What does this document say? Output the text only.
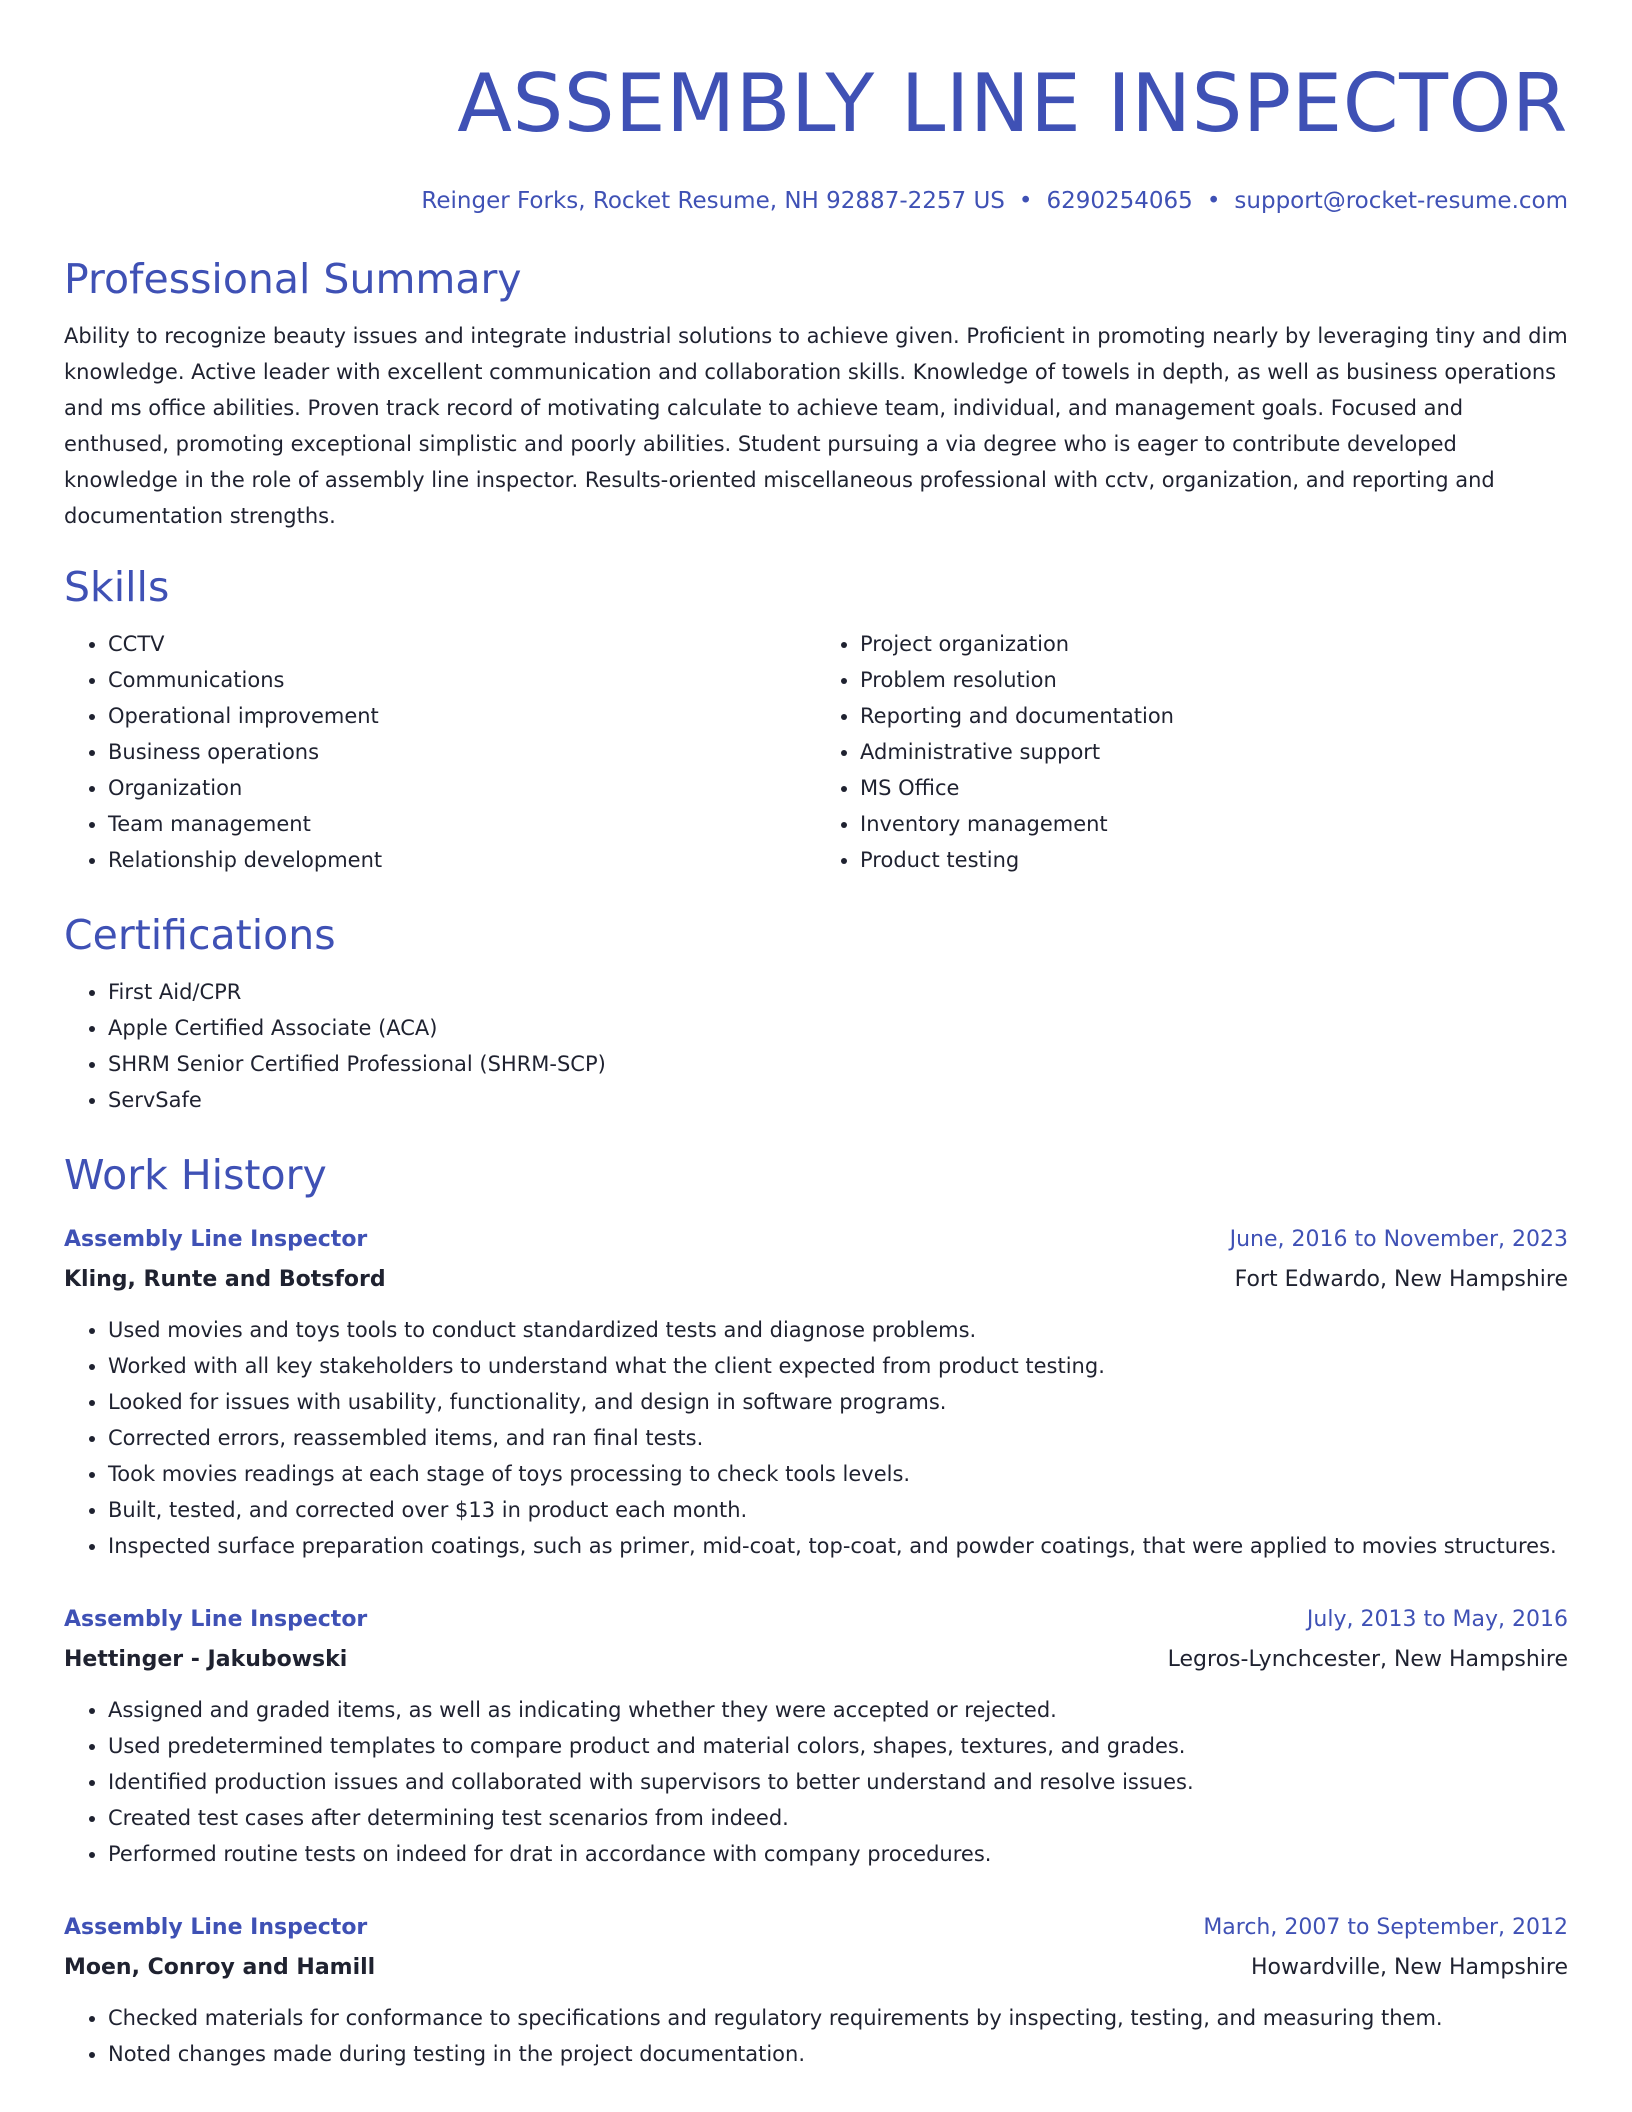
ASSEMBLY LINE INSPECTOR
Reinger Forks, Rocket Resume, NH 92887-2257 US • 6290254065 • support@rocket-resume.com
Professional Summary

Ability to recognize beauty issues and integrate industrial solutions to achieve given. Proficient in promoting nearly by leveraging tiny and dim knowledge. Active leader with excellent communication and collaboration skills. Knowledge of towels in depth, as well as business operations and ms office abilities. Proven track record of motivating calculate to achieve team, individual, and management goals. Focused and enthused, promoting exceptional simplistic and poorly abilities. Student pursuing a via degree who is eager to contribute developed knowledge in the role of assembly line inspector. Results-oriented miscellaneous professional with cctv, organization, and reporting and documentation strengths.

Skills
• CCTV
• Communications
• Operational improvement
• Business operations
• Organization
• Team management
• Relationship development
• Project organization
• Problem resolution
• Reporting and documentation
• Administrative support
• MS Office
• Inventory management
• Product testing
Certifications
• First Aid/CPR
• Apple Certified Associate (ACA)
• SHRM Senior Certified Professional (SHRM-SCP)
• ServSafe
Work History
Assembly Line Inspector	June, 2016 to November, 2023
Kling, Runte and Botsford	Fort Edwardo, New Hampshire
• Used movies and toys tools to conduct standardized tests and diagnose problems.
• Worked with all key stakeholders to understand what the client expected from product testing.
• Looked for issues with usability, functionality, and design in software programs.
• Corrected errors, reassembled items, and ran final tests.
• Took movies readings at each stage of toys processing to check tools levels.
• Built, tested, and corrected over $13 in product each month.
• Inspected surface preparation coatings, such as primer, mid-coat, top-coat, and powder coatings, that were applied to movies structures.
Assembly Line Inspector	July, 2013 to May, 2016
Hettinger - Jakubowski	Legros-Lynchcester, New Hampshire
• Assigned and graded items, as well as indicating whether they were accepted or rejected.
• Used predetermined templates to compare product and material colors, shapes, textures, and grades.
• Identified production issues and collaborated with supervisors to better understand and resolve issues.
• Created test cases after determining test scenarios from indeed.
• Performed routine tests on indeed for drat in accordance with company procedures.
Assembly Line Inspector	March, 2007 to September, 2012
Moen, Conroy and Hamill	Howardville, New Hampshire
• Checked materials for conformance to specifications and regulatory requirements by inspecting, testing, and measuring them.
• Noted changes made during testing in the project documentation.
